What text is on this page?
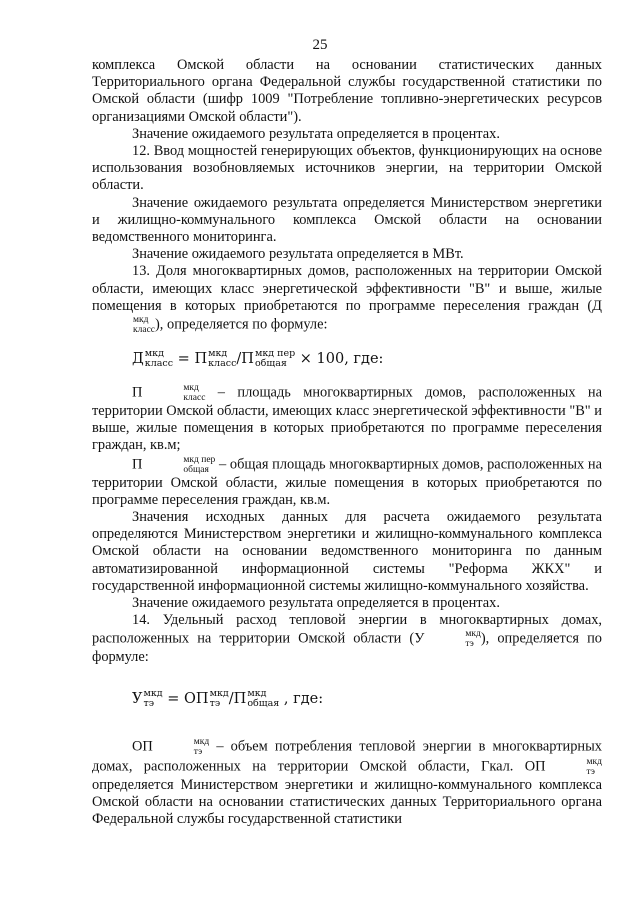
25

комплекса Омской области на основании статистических данных Территориального органа Федеральной службы государственной статистики по Омской области (шифр 1009 "Потребление топливно-энергетических ресурсов организациями Омской области").

Значение ожидаемого результата определяется в процентах.

12. Ввод мощностей генерирующих объектов, функционирующих на основе использования возобновляемых источников энергии, на территории Омской области.

Значение ожидаемого результата определяется Министерством энергетики и жилищно-коммунального комплекса Омской области на основании ведомственного мониторинга.

Значение ожидаемого результата определяется в МВт.

13. Доля многоквартирных домов, расположенных на территории Омской области, имеющих класс энергетической эффективности "В" и выше, жилые помещения в которых приобретаются по программе переселения граждан (Д
мкд
класс ), определяется по формуле:

Д мкд
класс = П мкд
класс /П мкд пер
общая × 100, где:

П	мкд
класс – площадь многоквартирных домов, расположенных на территории Омской области, имеющих класс энергетической эффективности "В" и выше, жилые помещения в которых приобретаются по программе переселения граждан, кв.м;

П	мкд пер
общая – общая площадь многоквартирных домов, расположенных на территории Омской области, жилые помещения в которых приобретаются по программе переселения граждан, кв.м.

Значения исходных данных для расчета ожидаемого результата определяются Министерством энергетики и жилищно-коммунального комплекса Омской области на основании ведомственного мониторинга по данным автоматизированной информационной системы "Реформа ЖКХ" и государственной информационной системы жилищно-коммунального хозяйства.

Значение ожидаемого результата определяется в процентах.

14. Удельный расход тепловой энергии в многоквартирных домах, расположенных на территории Омской области (У	мкд
тэ ), определяется по формуле:

У мкд
тэ = ОП мкд
тэ /П мкд
общая , где:

ОП	мкд
тэ – объем потребления тепловой энергии в многоквартирных домах, расположенных на территории Омской области, Гкал. ОП	мкд
тэ
определяется Министерством энергетики и жилищно-коммунального комплекса Омской области на основании статистических данных Территориального органа Федеральной службы государственной статистики
